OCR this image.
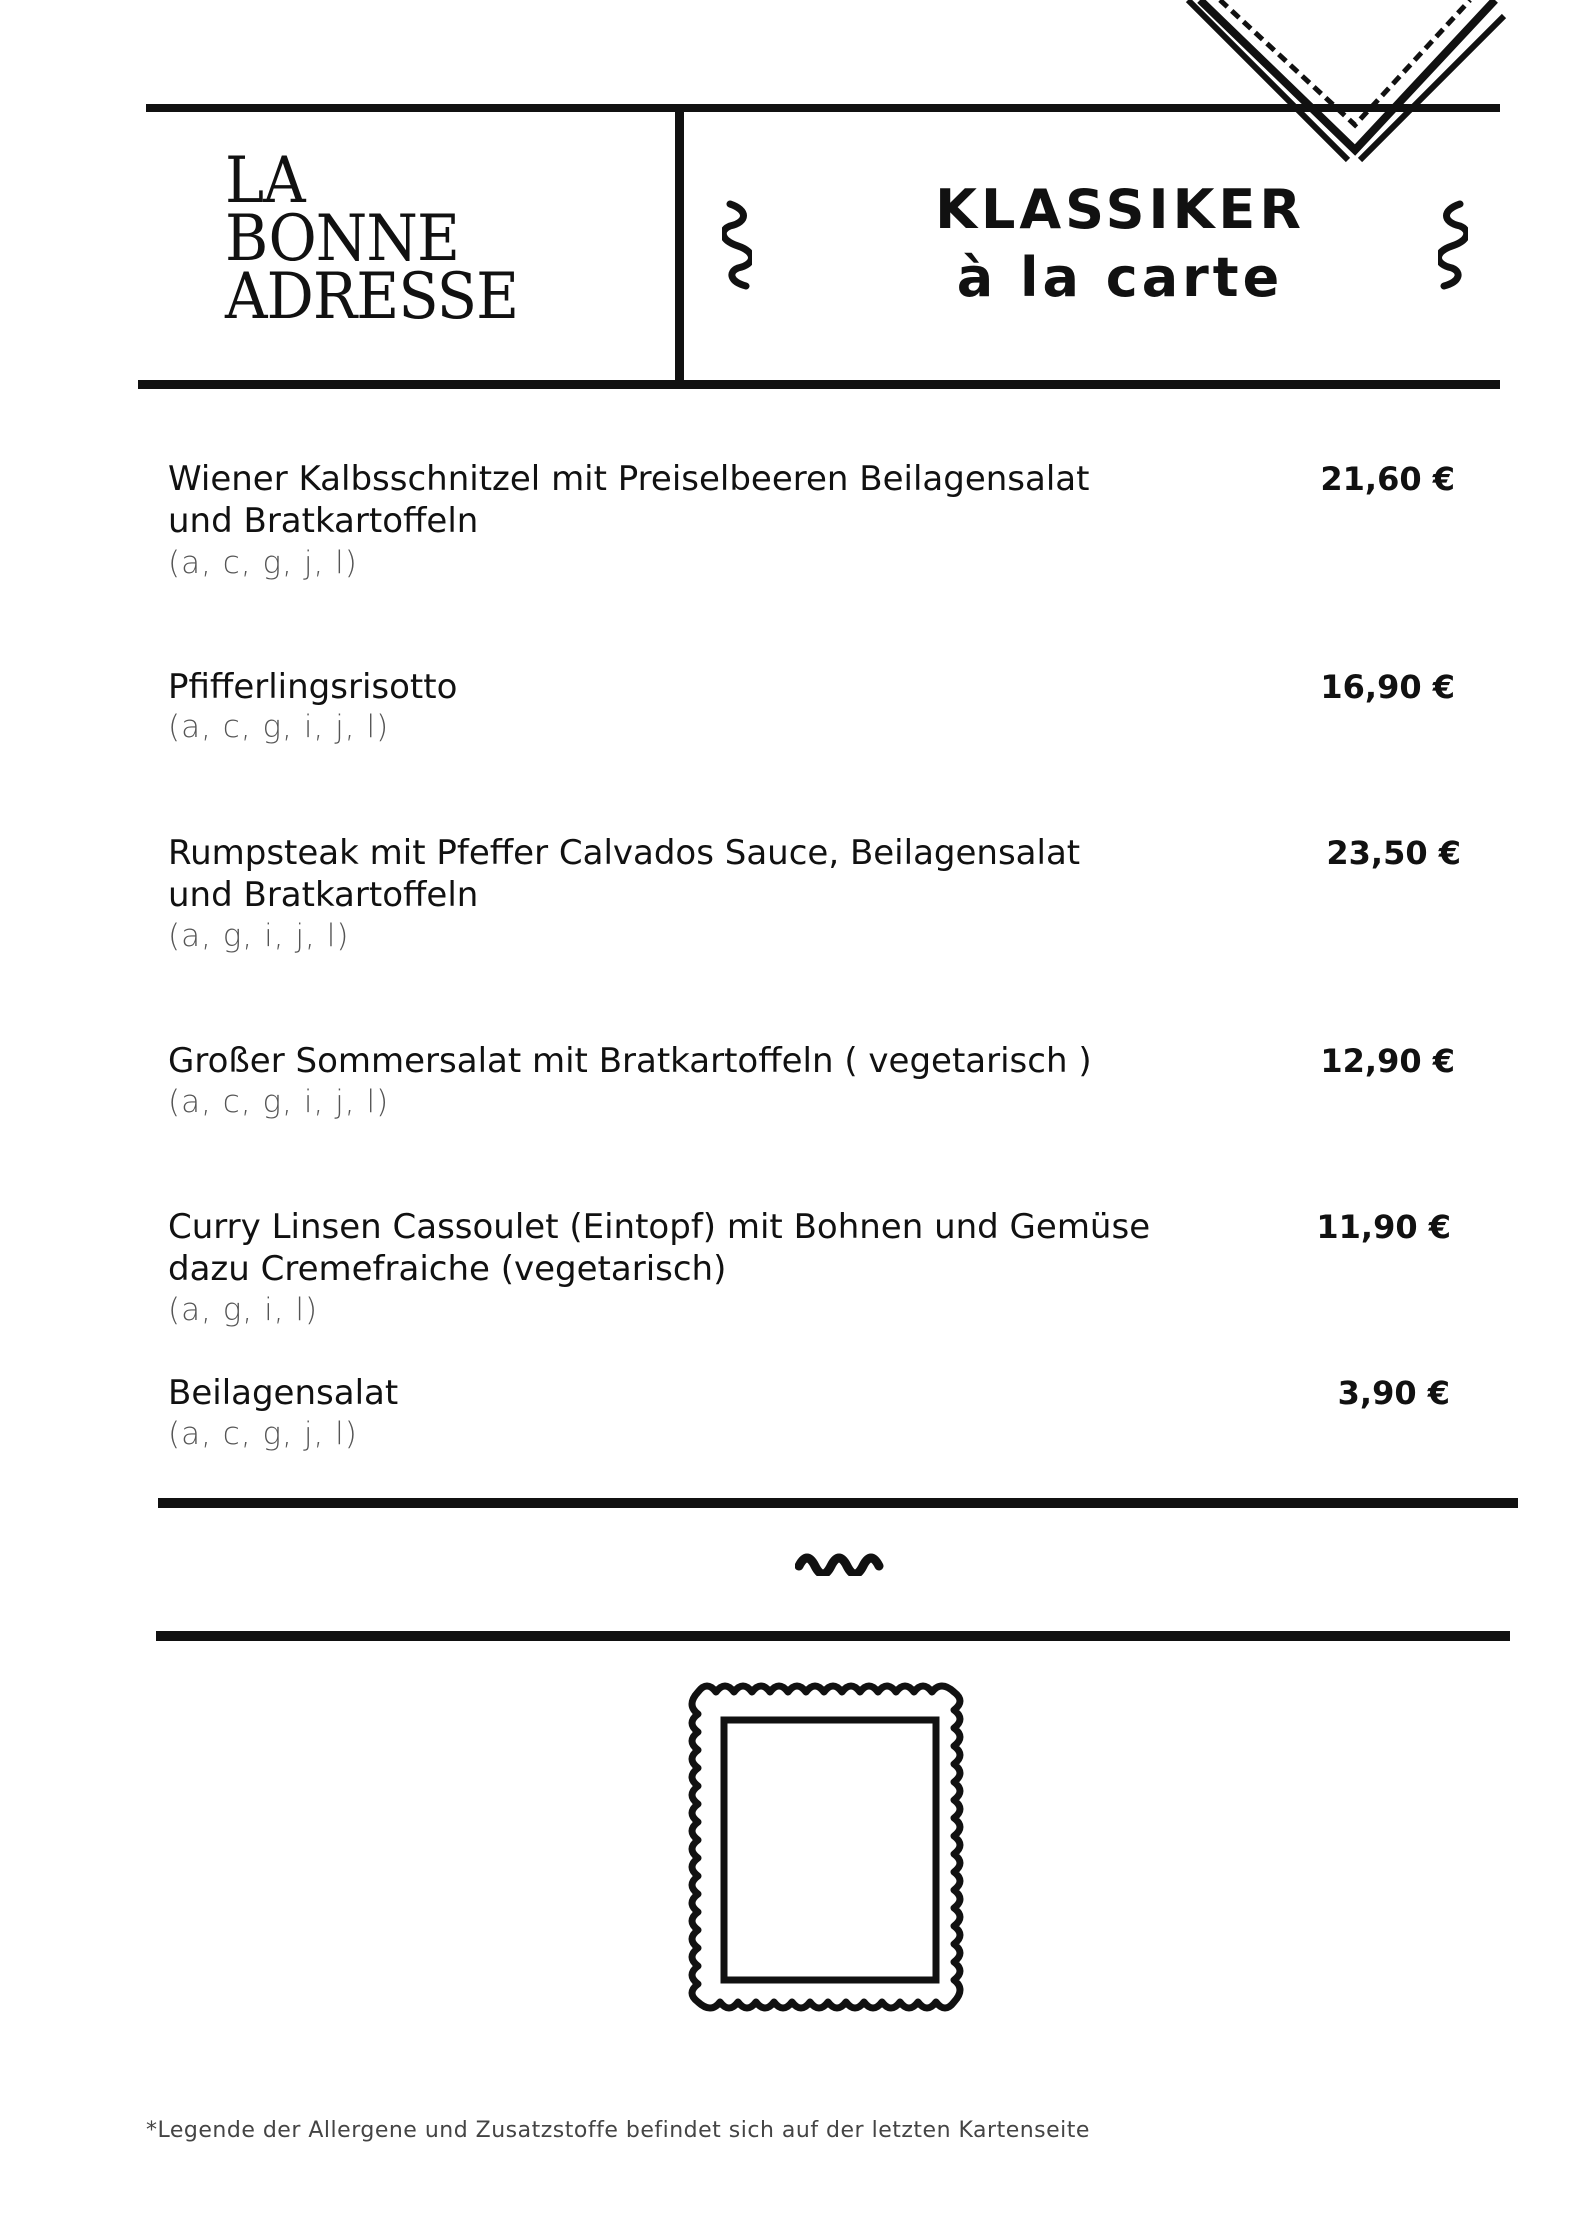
LA
BONNE
ADRESSE
KLASSIKER
à la carte
Wiener Kalbsschnitzel mit Preiselbeeren Beilagensalat
und Bratkartoffeln
(a, c, g, j, l)
21,60 €
Pfifferlingsrisotto
(a, c, g, i, j, l)
16,90 €
Rumpsteak mit Pfeffer Calvados Sauce, Beilagensalat
und Bratkartoffeln
(a, g, i, j, l)
23,50 €
Großer Sommersalat mit Bratkartoffeln ( vegetarisch )
(a, c, g, i, j, l)
12,90 €
Curry Linsen Cassoulet (Eintopf) mit Bohnen und Gemüse
dazu Cremefraiche (vegetarisch)
(a, g, i, l)
11,90 €
Beilagensalat
(a, c, g, j, l)
3,90 €
*Legende der Allergene und Zusatzstoffe befindet sich auf der letzten Kartenseite
